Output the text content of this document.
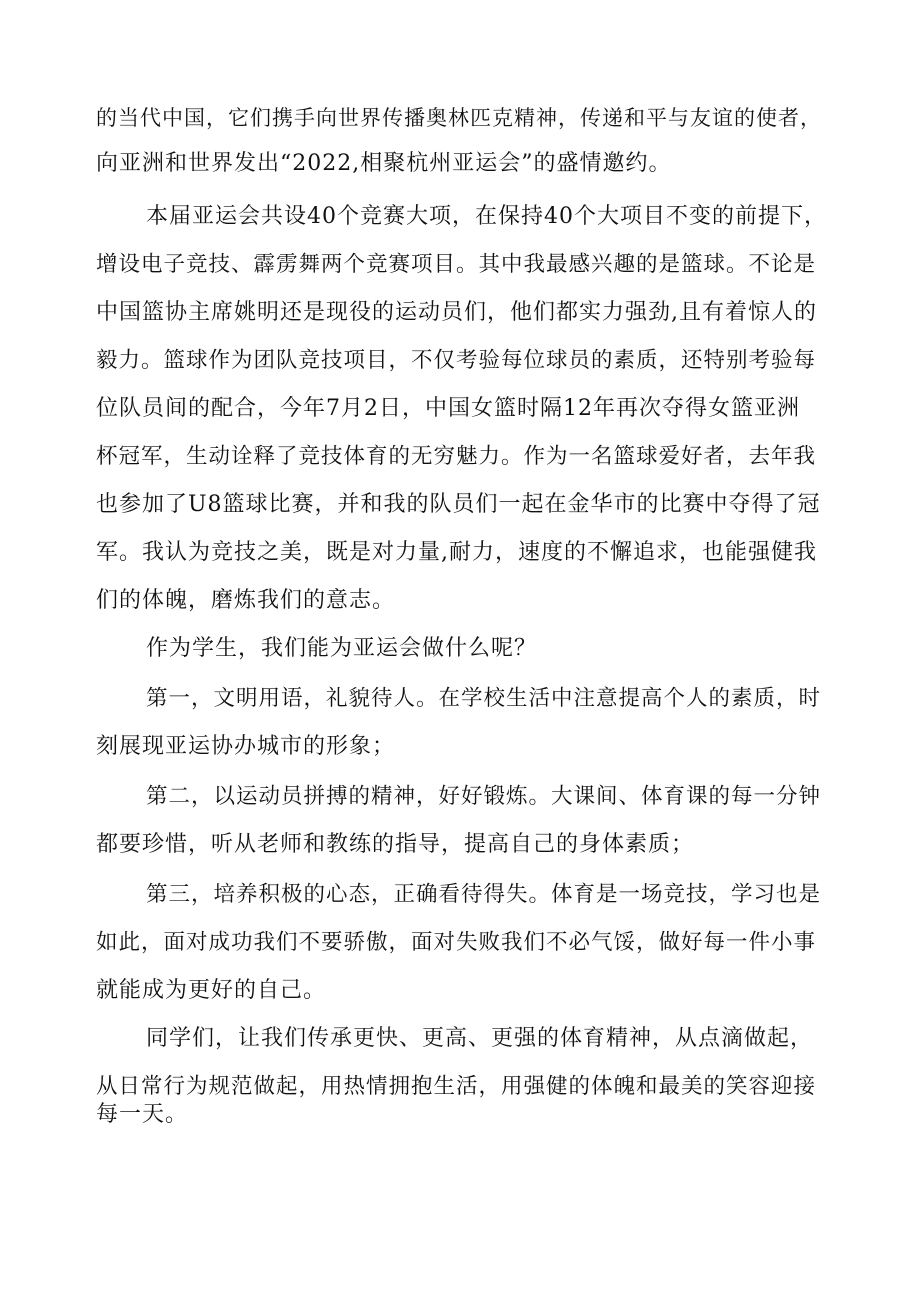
的当代中国，它们携手向世界传播奥林匹克精神，传递和平与友谊的使者，
向亚洲和世界发出“2022,相聚杭州亚运会”的盛情邀约。
本届亚运会共设40个竞赛大项，在保持40个大项目不变的前提下，
增设电子竞技、霹雳舞两个竞赛项目。其中我最感兴趣的是篮球。不论是
中国篮协主席姚明还是现役的运动员们，他们都实力强劲,且有着惊人的
毅力。篮球作为团队竞技项目，不仅考验每位球员的素质，还特别考验每
位队员间的配合，今年7月2日，中国女篮时隔12年再次夺得女篮亚洲
杯冠军，生动诠释了竞技体育的无穷魅力。作为一名篮球爱好者，去年我
也参加了U8篮球比赛，并和我的队员们一起在金华市的比赛中夺得了冠
军。我认为竞技之美，既是对力量,耐力，速度的不懈追求，也能强健我
们的体魄，磨炼我们的意志。
作为学生，我们能为亚运会做什么呢？
第一，文明用语，礼貌待人。在学校生活中注意提高个人的素质，时
刻展现亚运协办城市的形象；
第二，以运动员拼搏的精神，好好锻炼。大课间、体育课的每一分钟
都要珍惜，听从老师和教练的指导，提高自己的身体素质；
第三，培养积极的心态，正确看待得失。体育是一场竞技，学习也是
如此，面对成功我们不要骄傲，面对失败我们不必气馁，做好每一件小事
就能成为更好的自己。
同学们，让我们传承更快、更高、更强的体育精神，从点滴做起，
从日常行为规范做起，用热情拥抱生活，用强健的体魄和最美的笑容迎接
每一天。
